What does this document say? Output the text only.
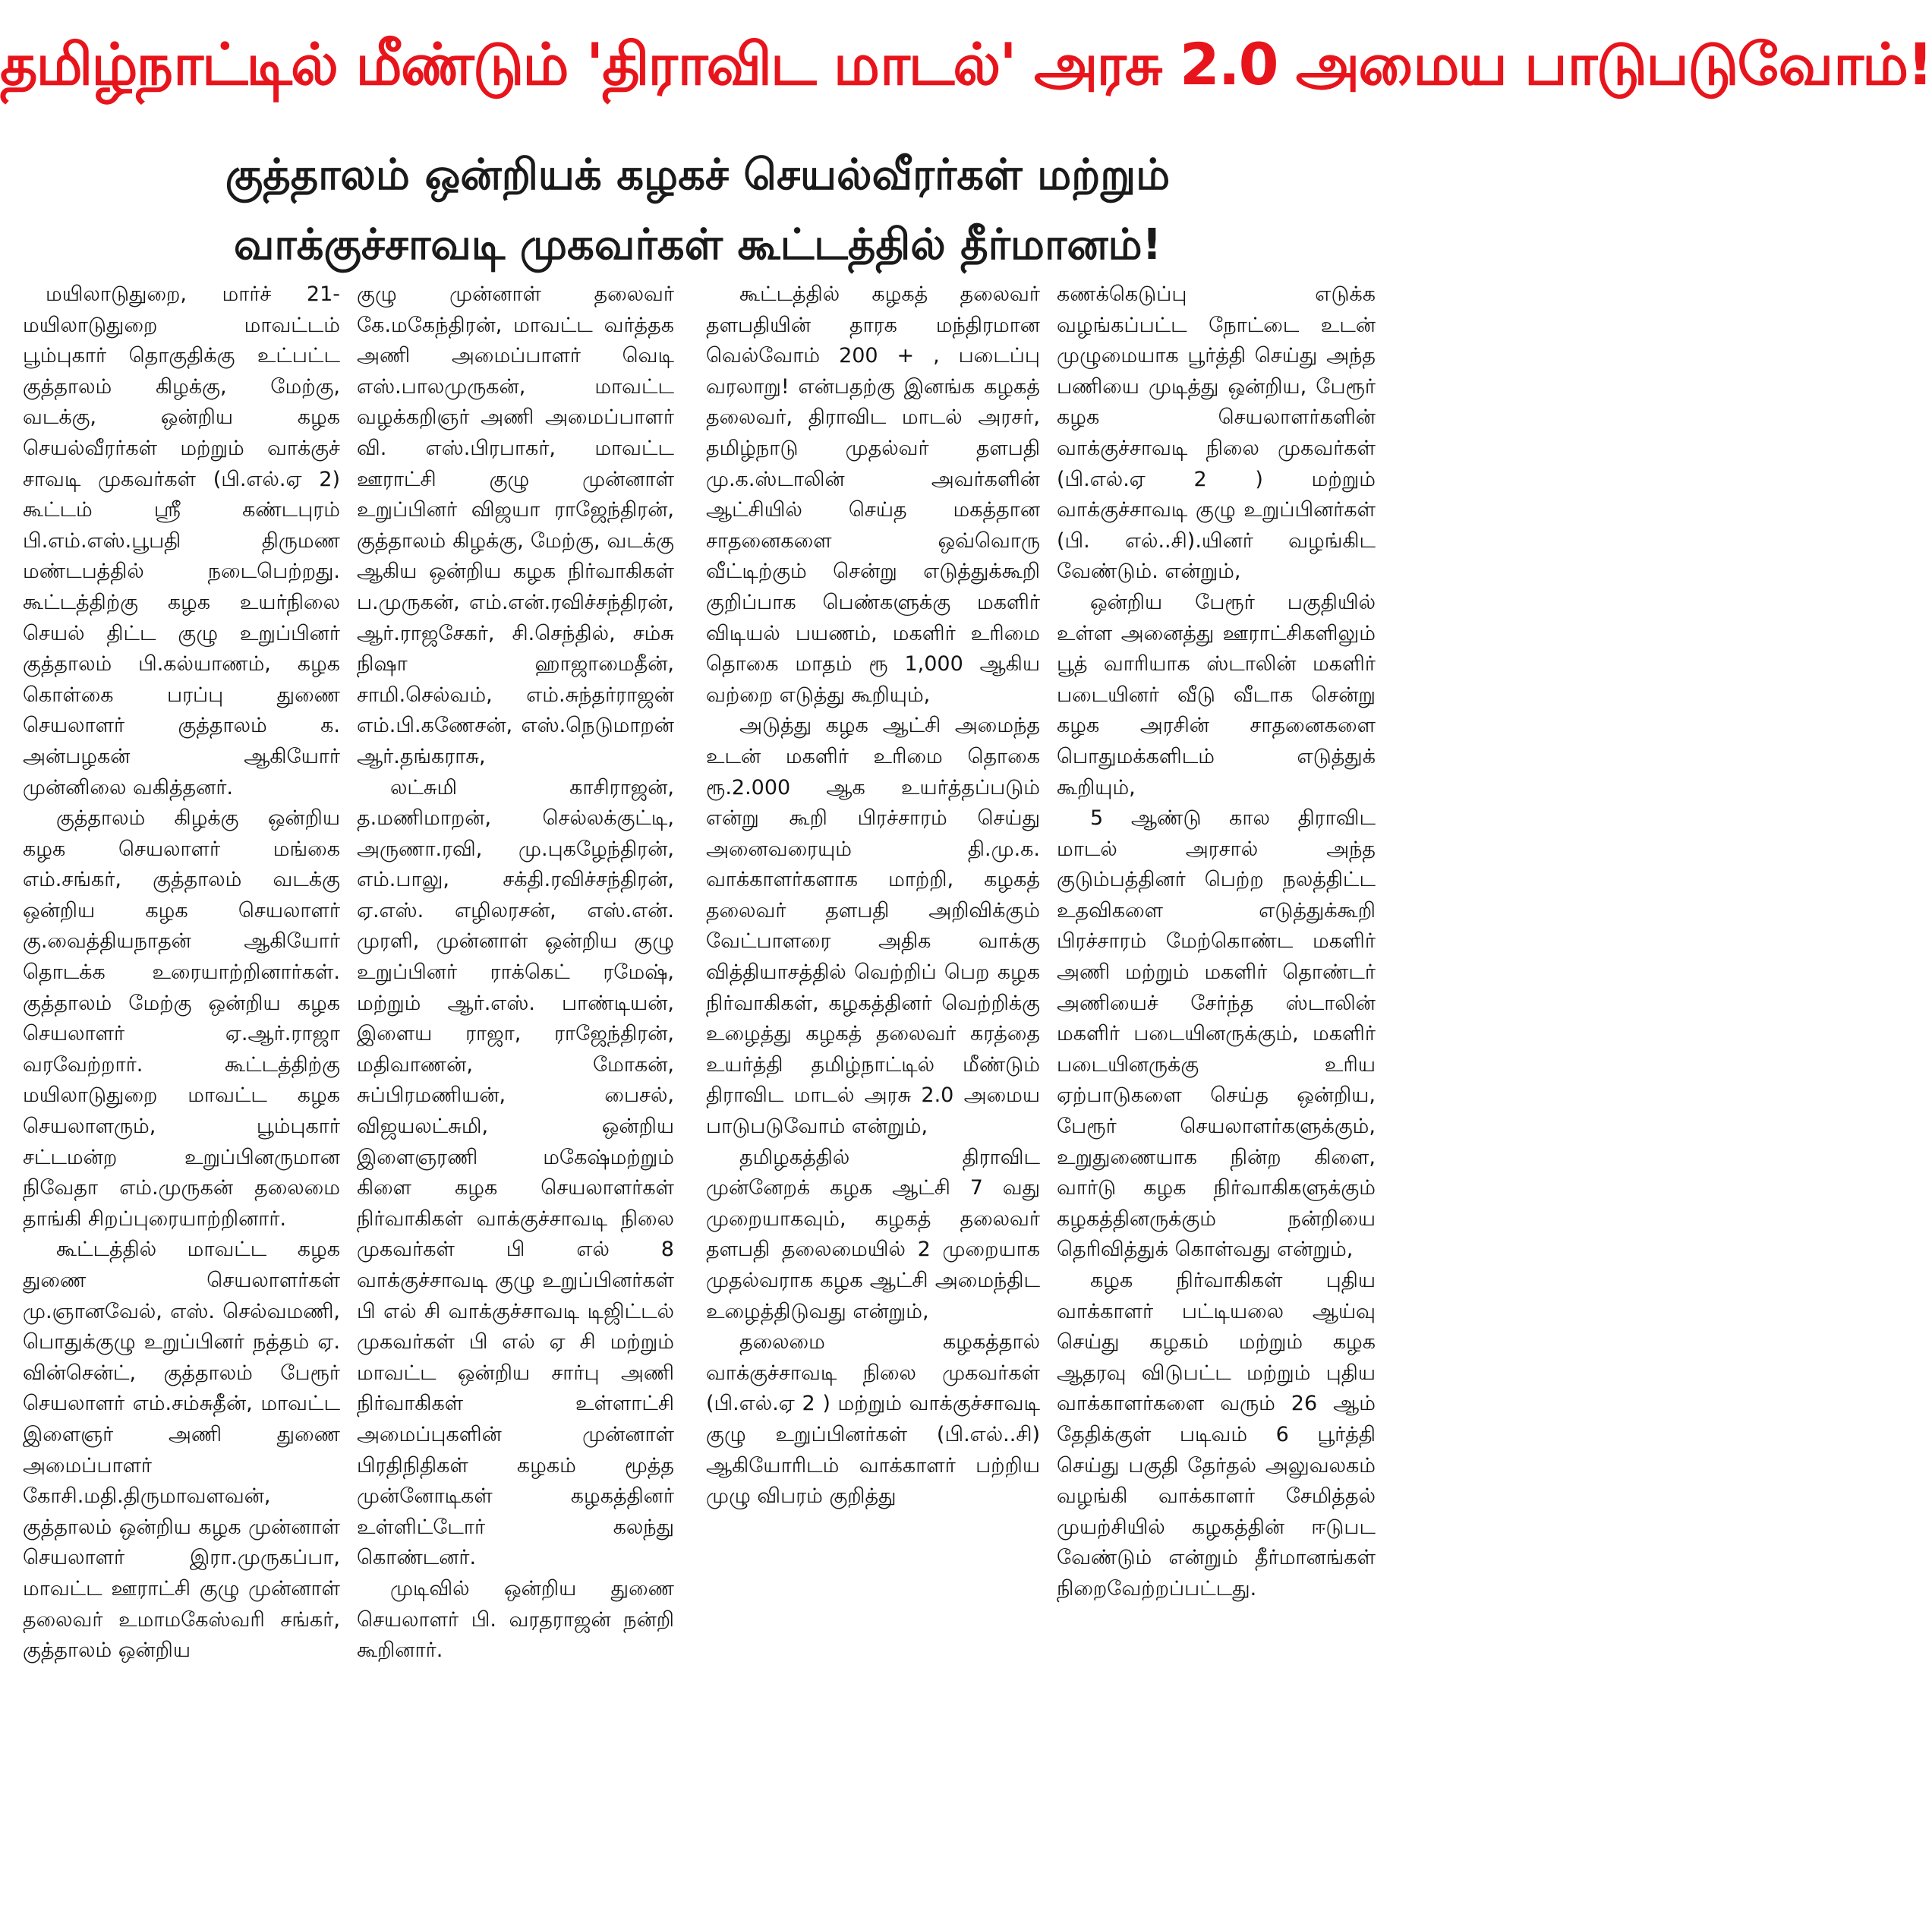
தமிழ்நாட்டில் மீண்டும் 'திராவிட மாடல்' அரசு 2.0 அமைய பாடுபடுவோம்!
குத்தாலம் ஒன்றியக் கழகச் செயல்வீரர்கள் மற்றும்
வாக்குச்சாவடி முகவர்கள் கூட்டத்தில் தீர்மானம்!

மயிலாடுதுறை, மார்ச் 21- மயிலாடுதுறை மாவட்டம் பூம்புகார் தொகுதிக்கு உட்பட்ட குத்தாலம் கிழக்கு, மேற்கு, வடக்கு, ஒன்றிய கழக செயல்வீரர்கள் மற்றும் வாக்குச் சாவடி முகவர்கள் (பி.எல்.ஏ 2) கூட்டம் ஸ்ரீ கண்டபுரம் பி.எம்.எஸ்.பூபதி திருமண மண்டபத்தில் நடைபெற்றது. கூட்டத்திற்கு கழக உயர்நிலை செயல் திட்ட குழு உறுப்பினர் குத்தாலம் பி.கல்யாணம், கழக கொள்கை பரப்பு துணை செயலாளர் குத்தாலம் க. அன்பழகன் ஆகியோர் முன்னிலை வகித்தனர்.

குத்தாலம் கிழக்கு ஒன்றிய கழக செயலாளர் மங்கை எம்.சங்கர், குத்தாலம் வடக்கு ஒன்றிய கழக செயலாளர் கு.வைத்தியநாதன் ஆகியோர் தொடக்க உரையாற்றினார்கள். குத்தாலம் மேற்கு ஒன்றிய கழக செயலாளர் ஏ.ஆர்.ராஜா வரவேற்றார். கூட்டத்திற்கு மயிலாடுதுறை மாவட்ட கழக செயலாளரும், பூம்புகார் சட்டமன்ற உறுப்பினருமான நிவேதா எம்.முருகன் தலைமை தாங்கி சிறப்புரையாற்றினார்.

கூட்டத்தில் மாவட்ட கழக துணை செயலாளர்கள் மு.ஞானவேல், எஸ். செல்வமணி, பொதுக்குழு உறுப்பினர் நத்தம் ஏ. வின்சென்ட், குத்தாலம் பேரூர் செயலாளர் எம்.சம்சுதீன், மாவட்ட இளைஞர் அணி துணை அமைப்பாளர் கோசி.மதி.திருமாவளவன், குத்தாலம் ஒன்றிய கழக முன்னாள் செயலாளர் இரா.முருகப்பா, மாவட்ட ஊராட்சி குழு முன்னாள் தலைவர் உமாமகேஸ்வரி சங்கர், குத்தாலம் ஒன்றிய

குழு முன்னாள் தலைவர் கே.மகேந்திரன், மாவட்ட வர்த்தக அணி அமைப்பாளர் வெடி எஸ்.பாலமுருகன், மாவட்ட வழக்கறிஞர் அணி அமைப்பாளர் வி. எஸ்.பிரபாகர், மாவட்ட ஊராட்சி குழு முன்னாள் உறுப்பினர் விஜயா ராஜேந்திரன், குத்தாலம் கிழக்கு, மேற்கு, வடக்கு ஆகிய ஒன்றிய கழக நிர்வாகிகள் ப.முருகன், எம்.என்.ரவிச்சந்திரன், ஆர்.ராஜசேகர், சி.செந்தில், சம்சு நிஷா ஹாஜாமைதீன், சாமி.செல்வம், எம்.சுந்தர்ராஜன் எம்.பி.கணேசன், எஸ்.நெடுமாறன் ஆர்.தங்கராசு,

லட்சுமி காசிராஜன், த.மணிமாறன், செல்லக்குட்டி, அருணா.ரவி, மு.புகழேந்திரன், எம்.பாலு, சக்தி.ரவிச்சந்திரன், ஏ.எஸ். எழிலரசன், எஸ்.என். முரளி, முன்னாள் ஒன்றிய குழு உறுப்பினர் ராக்கெட் ரமேஷ், மற்றும் ஆர்.எஸ். பாண்டியன், இளைய ராஜா, ராஜேந்திரன், மதிவாணன், மோகன், சுப்பிரமணியன், பைசல், விஜயலட்சுமி, ஒன்றிய இளைஞரணி மகேஷ்மற்றும் கிளை கழக செயலாளர்கள் நிர்வாகிகள் வாக்குச்சாவடி நிலை முகவர்கள் பி எல் 8 வாக்குச்சாவடி குழு உறுப்பினர்கள் பி எல் சி வாக்குச்சாவடி டிஜிட்டல் முகவர்கள் பி எல் ஏ சி மற்றும் மாவட்ட ஒன்றிய சார்பு அணி நிர்வாகிகள் உள்ளாட்சி அமைப்புகளின் முன்னாள் பிரதிநிதிகள் கழகம் மூத்த முன்னோடிகள் கழகத்தினர் உள்ளிட்டோர் கலந்து கொண்டனர்.

முடிவில் ஒன்றிய துணை செயலாளர் பி. வரதராஜன் நன்றி கூறினார்.

கூட்டத்தில் கழகத் தலைவர் தளபதியின் தாரக மந்திரமான வெல்வோம் 200 + , படைப்பு வரலாறு! என்பதற்கு இனங்க கழகத் தலைவர், திராவிட மாடல் அரசர், தமிழ்நாடு முதல்வர் தளபதி மு.க.ஸ்டாலின் அவர்களின் ஆட்சியில் செய்த மகத்தான சாதனைகளை ஒவ்வொரு வீட்டிற்கும் சென்று எடுத்துக்கூறி குறிப்பாக பெண்களுக்கு மகளிர் விடியல் பயணம், மகளிர் உரிமை தொகை மாதம் ரூ 1,000 ஆகிய வற்றை எடுத்து கூறியும்,

அடுத்து கழக ஆட்சி அமைந்த உடன் மகளிர் உரிமை தொகை ரூ.2.000 ஆக உயர்த்தப்படும் என்று கூறி பிரச்சாரம் செய்து அனைவரையும் தி.மு.க. வாக்காளர்களாக மாற்றி, கழகத் தலைவர் தளபதி அறிவிக்கும் வேட்பாளரை அதிக வாக்கு வித்தியாசத்தில் வெற்றிப் பெற கழக நிர்வாகிகள், கழகத்தினர் வெற்றிக்கு உழைத்து கழகத் தலைவர் கரத்தை உயர்த்தி தமிழ்நாட்டில் மீண்டும் திராவிட மாடல் அரசு 2.0 அமைய பாடுபடுவோம் என்றும்,

தமிழகத்தில் திராவிட முன்னேறக் கழக ஆட்சி 7 வது முறையாகவும், கழகத் தலைவர் தளபதி தலைமையில் 2 முறையாக முதல்வராக கழக ஆட்சி அமைந்திட உழைத்திடுவது என்றும்,

தலைமை கழகத்தால் வாக்குச்சாவடி நிலை முகவர்கள் (பி.எல்.ஏ 2 ) மற்றும் வாக்குச்சாவடி குழு உறுப்பினர்கள் (பி.எல்..சி) ஆகியோரிடம் வாக்காளர் பற்றிய முழு விபரம் குறித்து

கணக்கெடுப்பு எடுக்க வழங்கப்பட்ட நோட்டை உடன் முழுமையாக பூர்த்தி செய்து அந்த பணியை முடித்து ஒன்றிய, பேரூர் கழக செயலாளர்களின் வாக்குச்சாவடி நிலை முகவர்கள் (பி.எல்.ஏ 2 ) மற்றும் வாக்குச்சாவடி குழு உறுப்பினர்கள் (பி. எல்..சி).யினர் வழங்கிட வேண்டும். என்றும்,

ஒன்றிய பேரூர் பகுதியில் உள்ள அனைத்து ஊராட்சிகளிலும் பூத் வாரியாக ஸ்டாலின் மகளிர் படையினர் வீடு வீடாக சென்று கழக அரசின் சாதனைகளை பொதுமக்களிடம் எடுத்துக் கூறியும்,

5 ஆண்டு கால திராவிட மாடல் அரசால் அந்த குடும்பத்தினர் பெற்ற நலத்திட்ட உதவிகளை எடுத்துக்கூறி பிரச்சாரம் மேற்கொண்ட மகளிர் அணி மற்றும் மகளிர் தொண்டர் அணியைச் சேர்ந்த ஸ்டாலின் மகளிர் படையினருக்கும், மகளிர் படையினருக்கு உரிய ஏற்பாடுகளை செய்த ஒன்றிய, பேரூர் செயலாளர்களுக்கும், உறுதுணையாக நின்ற கிளை, வார்டு கழக நிர்வாகிகளுக்கும் கழகத்தினருக்கும் நன்றியை தெரிவித்துக் கொள்வது என்றும்,

கழக நிர்வாகிகள் புதிய வாக்காளர் பட்டியலை ஆய்வு செய்து கழகம் மற்றும் கழக ஆதரவு விடுபட்ட மற்றும் புதிய வாக்காளர்களை வரும் 26 ஆம் தேதிக்குள் படிவம் 6 பூர்த்தி செய்து பகுதி தேர்தல் அலுவலகம் வழங்கி வாக்காளர் சேமித்தல் முயற்சியில் கழகத்தின் ஈடுபட வேண்டும் என்றும் தீர்மானங்கள் நிறைவேற்றப்பட்டது.
